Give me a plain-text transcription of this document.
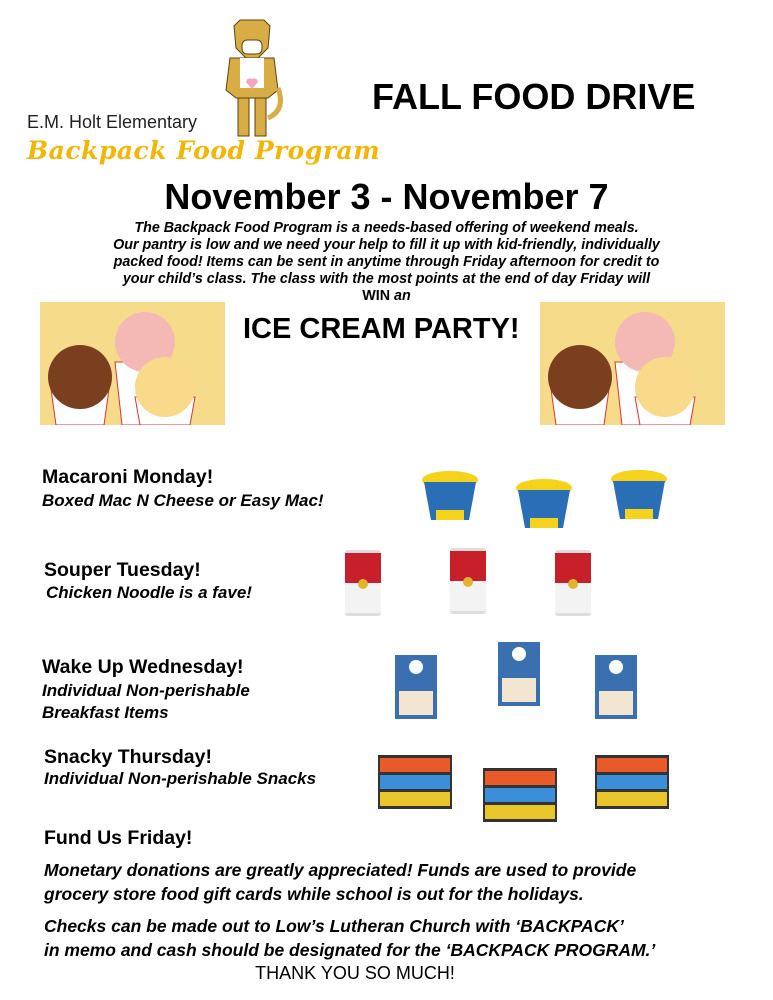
E.M. Holt Elementary
Backpack Food Program
FALL FOOD DRIVE
November 3 - November 7
The Backpack Food Program is a needs-based offering of weekend meals.
Our pantry is low and we need your help to fill it up with kid-friendly, individually
packed food! Items can be sent in anytime through Friday afternoon for credit to
your child’s class. The class with the most points at the end of day Friday will
WIN an
ICE CREAM PARTY!
Macaroni Monday!
Boxed Mac N Cheese or Easy Mac!
Souper Tuesday!
Chicken Noodle is a fave!
Wake Up Wednesday!
Individual Non-perishable
Breakfast Items
Snacky Thursday!
Individual Non-perishable Snacks
Fund Us Friday!
Monetary donations are greatly appreciated! Funds are used to provide
grocery store food gift cards while school is out for the holidays.
Checks can be made out to Low’s Lutheran Church with ‘BACKPACK’
in memo and cash should be designated for the ‘BACKPACK PROGRAM.’
THANK YOU SO MUCH!
